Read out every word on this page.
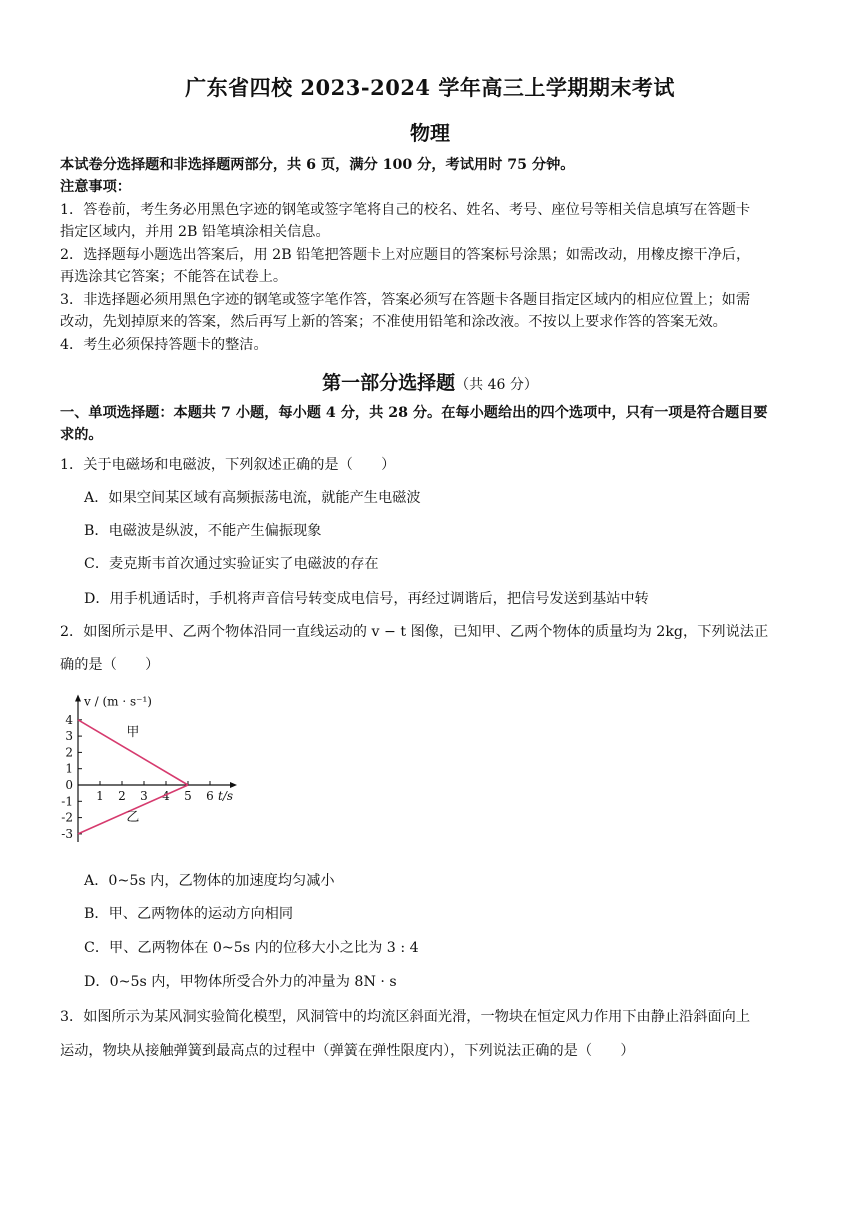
广东省四校 2023-2024 学年高三上学期期末考试
物理
本试卷分选择题和非选择题两部分，共 6 页，满分 100 分，考试用时 75 分钟。
注意事项：
1．答卷前，考生务必用黑色字迹的钢笔或签字笔将自己的校名、姓名、考号、座位号等相关信息填写在答题卡
指定区域内，并用 2B 铅笔填涂相关信息。
2．选择题每小题选出答案后，用 2B 铅笔把答题卡上对应题目的答案标号涂黑；如需改动，用橡皮擦干净后，
再选涂其它答案；不能答在试卷上。
3．非选择题必须用黑色字迹的钢笔或签字笔作答，答案必须写在答题卡各题目指定区域内的相应位置上；如需
改动，先划掉原来的答案，然后再写上新的答案；不准使用铅笔和涂改液。不按以上要求作答的答案无效。
4．考生必须保持答题卡的整洁。
第一部分选择题（共 46 分）
一、单项选择题：本题共 7 小题，每小题 4 分，共 28 分。在每小题给出的四个选项中，只有一项是符合题目要
求的。
1．关于电磁场和电磁波，下列叙述正确的是（　　）
A．如果空间某区域有高频振荡电流，就能产生电磁波
B．电磁波是纵波，不能产生偏振现象
C．麦克斯韦首次通过实验证实了电磁波的存在
D．用手机通话时，手机将声音信号转变成电信号，再经过调谐后，把信号发送到基站中转
2．如图所示是甲、乙两个物体沿同一直线运动的 v − t 图像，已知甲、乙两个物体的质量均为 2kg，下列说法正
确的是（　　）
1 2 3 4 5 6
4
3
2
1
0
-1
-2
-3
t/s
v / (m · s⁻¹)
甲
乙
A．0~5s 内，乙物体的加速度均匀减小
B．甲、乙两物体的运动方向相同
C．甲、乙两物体在 0~5s 内的位移大小之比为 3 : 4
D．0~5s 内，甲物体所受合外力的冲量为 8N · s
3．如图所示为某风洞实验简化模型，风洞管中的均流区斜面光滑，一物块在恒定风力作用下由静止沿斜面向上
运动，物块从接触弹簧到最高点的过程中（弹簧在弹性限度内），下列说法正确的是（　　）
